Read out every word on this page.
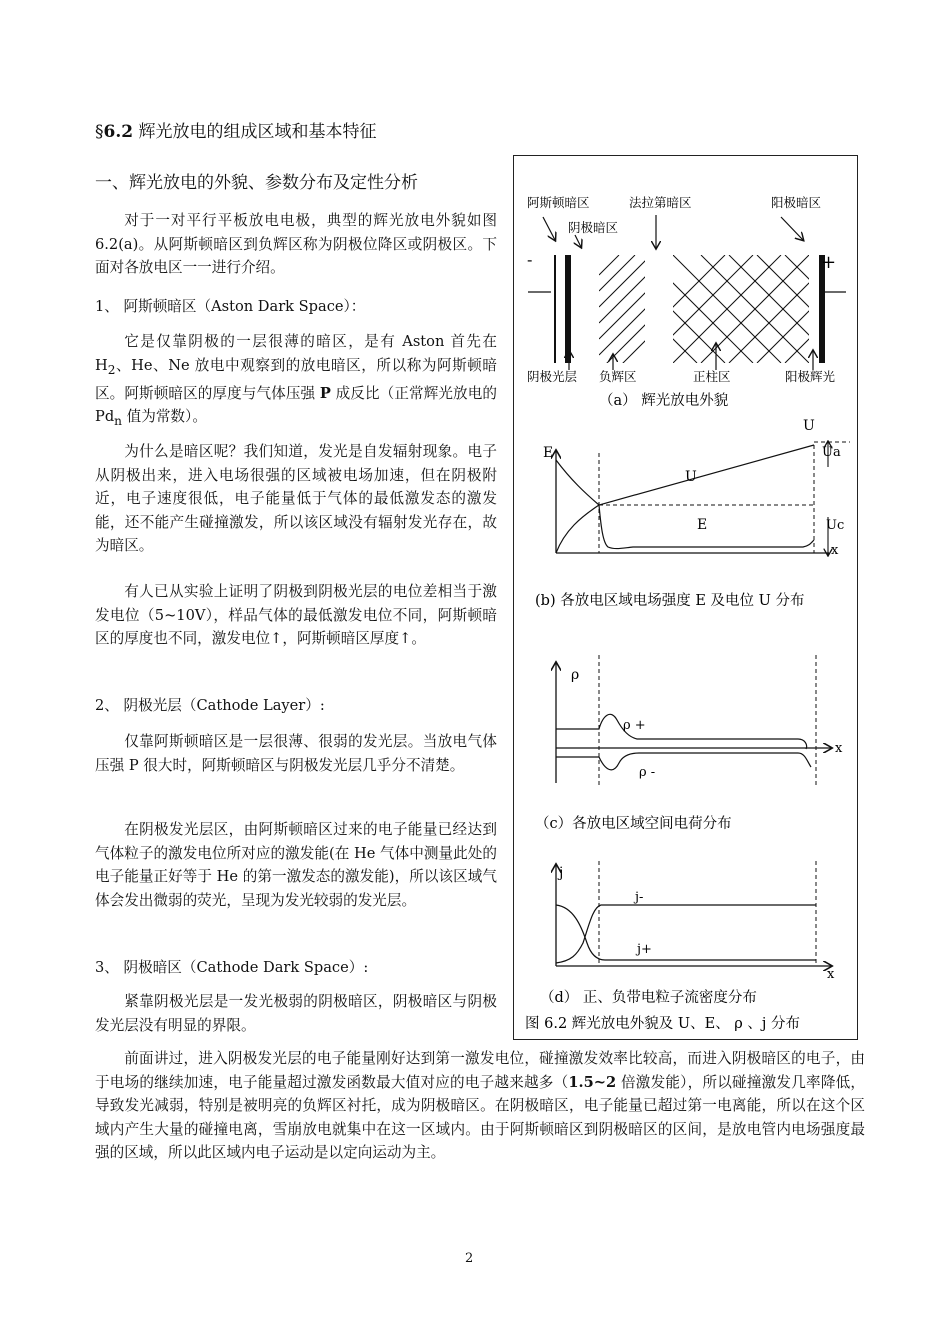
§6.2 辉光放电的组成区域和基本特征
一、辉光放电的外貌、参数分布及定性分析
对于一对平行平板放电电极，典型的辉光放电外貌如图 6.2(a)。从阿斯顿暗区到负辉区称为阴极位降区或阴极区。下面对各放电区一一进行介绍。
1、 阿斯顿暗区（Aston Dark Space）：
它是仅靠阴极的一层很薄的暗区，是有 Aston 首先在 $H_2$、He、Ne 放电中观察到的放电暗区，所以称为阿斯顿暗区。阿斯顿暗区的厚度与气体压强 P 成反比（正常辉光放电的 $Pd_n$ 值为常数）。
为什么是暗区呢？我们知道，发光是自发辐射现象。电子从阴极出来，进入电场很强的区域被电场加速，但在阴极附近，电子速度很低，电子能量低于气体的最低激发态的激发能，还不能产生碰撞激发，所以该区域没有辐射发光存在，故为暗区。
有人已从实验上证明了阴极到阴极光层的电位差相当于激发电位（5~10V），样品气体的最低激发电位不同，阿斯顿暗区的厚度也不同，激发电位↑，阿斯顿暗区厚度↑。
2、 阴极光层（Cathode Layer）:
仅靠阿斯顿暗区是一层很薄、很弱的发光层。当放电气体压强 P 很大时，阿斯顿暗区与阴极发光层几乎分不清楚。
在阴极发光层区，由阿斯顿暗区过来的电子能量已经达到气体粒子的激发电位所对应的激发能(在 He 气体中测量此处的电子能量正好等于 He 的第一激发态的激发能)，所以该区域气体会发出微弱的荧光，呈现为发光较弱的发光层。
3、 阴极暗区（Cathode Dark Space）:
紧靠阴极光层是一发光极弱的阴极暗区，阴极暗区与阴极发光层没有明显的界限。
前面讲过，进入阴极发光层的电子能量刚好达到第一激发电位，碰撞激发效率比较高，而进入阴极暗区的电子，由于电场的继续加速，电子能量超过激发函数最大值对应的电子越来越多（1.5~2 倍激发能），所以碰撞激发几率降低，导致发光减弱，特别是被明亮的负辉区衬托，成为阴极暗区。在阴极暗区，电子能量已超过第一电离能，所以在这个区域内产生大量的碰撞电离，雪崩放电就集中在这一区域内。由于阿斯顿暗区到阴极暗区的区间，是放电管内电场强度最强的区域，所以此区域内电子运动是以定向运动为主。
阿斯顿暗区	法拉第暗区	阳极暗区
阴极暗区
-	+
阴极光层 负辉区	正柱区	阳极辉光
（a） 辉光放电外貌
E
U
E
U
Ua
Uc
x
(b) 各放电区域电场强度 E 及电位 U 分布
ρ
ρ +
ρ -
x
（c）各放电区域空间电荷分布
j
j-
j+
x
（d） 正、负带电粒子流密度分布
图 6.2 辉光放电外貌及 U、E、 ρ 、j 分布
2
